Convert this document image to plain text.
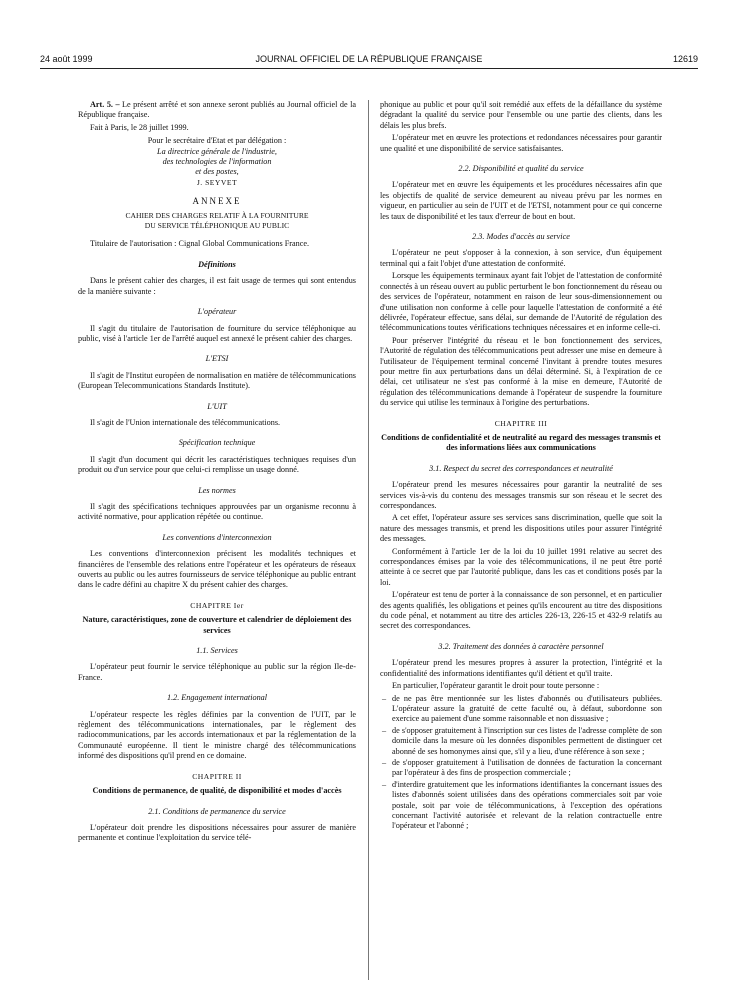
24 août 1999	JOURNAL OFFICIEL DE LA RÉPUBLIQUE FRANÇAISE	12619

Art. 5. – Le présent arrêté et son annexe seront publiés au Journal officiel de la République française.

Fait à Paris, le 28 juillet 1999.

Pour le secrétaire d'Etat et par délégation :

La directrice générale de l'industrie,

des technologies de l'information

et des postes,

J. SEYVET

ANNEXE
CAHIER DES CHARGES RELATIF À LA FOURNITURE
DU SERVICE TÉLÉPHONIQUE AU PUBLIC

Titulaire de l'autorisation : Cignal Global Communications France.

Définitions

Dans le présent cahier des charges, il est fait usage de termes qui sont entendus de la manière suivante :

L'opérateur

Il s'agit du titulaire de l'autorisation de fourniture du service téléphonique au public, visé à l'article 1er de l'arrêté auquel est annexé le présent cahier des charges.

L'ETSI

Il s'agit de l'Institut européen de normalisation en matière de télécommunications (European Telecommunications Standards Institute).

L'UIT

Il s'agit de l'Union internationale des télécommunications.

Spécification technique

Il s'agit d'un document qui décrit les caractéristiques techniques requises d'un produit ou d'un service pour que celui-ci remplisse un usage donné.

Les normes

Il s'agit des spécifications techniques approuvées par un organisme reconnu à activité normative, pour application répétée ou continue.

Les conventions d'interconnexion

Les conventions d'interconnexion précisent les modalités techniques et financières de l'ensemble des relations entre l'opérateur et les opérateurs de réseaux ouverts au public ou les autres fournisseurs de service téléphonique au public entrant dans le cadre défini au chapitre X du présent cahier des charges.

CHAPITRE Ier
Nature, caractéristiques, zone de couverture et calendrier de déploiement des services
1.1. Services

L'opérateur peut fournir le service téléphonique au public sur la région Ile-de-France.

1.2. Engagement international

L'opérateur respecte les règles définies par la convention de l'UIT, par le règlement des télécommunications internationales, par le règlement des radiocommunications, par les accords internationaux et par la réglementation de la Communauté européenne. Il tient le ministre chargé des télécommunications informé des dispositions qu'il prend en ce domaine.

CHAPITRE II
Conditions de permanence, de qualité, de disponibilité et modes d'accès
2.1. Conditions de permanence du service

L'opérateur doit prendre les dispositions nécessaires pour assurer de manière permanente et continue l'exploitation du service télé-

phonique au public et pour qu'il soit remédié aux effets de la défaillance du système dégradant la qualité du service pour l'ensemble ou une partie des clients, dans les délais les plus brefs.

L'opérateur met en œuvre les protections et redondances nécessaires pour garantir une qualité et une disponibilité de service satisfaisantes.

2.2. Disponibilité et qualité du service

L'opérateur met en œuvre les équipements et les procédures nécessaires afin que les objectifs de qualité de service demeurent au niveau prévu par les normes en vigueur, en particulier au sein de l'UIT et de l'ETSI, notamment pour ce qui concerne les taux de disponibilité et les taux d'erreur de bout en bout.

2.3. Modes d'accès au service

L'opérateur ne peut s'opposer à la connexion, à son service, d'un équipement terminal qui a fait l'objet d'une attestation de conformité.

Lorsque les équipements terminaux ayant fait l'objet de l'attestation de conformité connectés à un réseau ouvert au public perturbent le bon fonctionnement du réseau ou des services de l'opérateur, notamment en raison de leur sous-dimensionnement ou d'une utilisation non conforme à celle pour laquelle l'attestation de conformité a été délivrée, l'opérateur effectue, sans délai, sur demande de l'Autorité de régulation des télécommunications toutes vérifications techniques nécessaires et en informe celle-ci.

Pour préserver l'intégrité du réseau et le bon fonctionnement des services, l'Autorité de régulation des télécommunications peut adresser une mise en demeure à l'utilisateur de l'équipement terminal concerné l'invitant à prendre toutes mesures pour mettre fin aux perturbations dans un délai déterminé. Si, à l'expiration de ce délai, cet utilisateur ne s'est pas conformé à la mise en demeure, l'Autorité de régulation des télécommunications demande à l'opérateur de suspendre la fourniture du service qui utilise les terminaux à l'origine des perturbations.

CHAPITRE III
Conditions de confidentialité et de neutralité au regard des messages transmis et des informations liées aux communications
3.1. Respect du secret des correspondances et neutralité

L'opérateur prend les mesures nécessaires pour garantir la neutralité de ses services vis-à-vis du contenu des messages transmis sur son réseau et le secret des correspondances.

A cet effet, l'opérateur assure ses services sans discrimination, quelle que soit la nature des messages transmis, et prend les dispositions utiles pour assurer l'intégrité des messages.

Conformément à l'article 1er de la loi du 10 juillet 1991 relative au secret des correspondances émises par la voie des télécommunications, il ne peut être porté atteinte à ce secret que par l'autorité publique, dans les cas et conditions posés par la loi.

L'opérateur est tenu de porter à la connaissance de son personnel, et en particulier des agents qualifiés, les obligations et peines qu'ils encourent au titre des dispositions du code pénal, et notamment au titre des articles 226-13, 226-15 et 432-9 relatifs au secret des correspondances.

3.2. Traitement des données à caractère personnel

L'opérateur prend les mesures propres à assurer la protection, l'intégrité et la confidentialité des informations identifiantes qu'il détient et qu'il traite.

En particulier, l'opérateur garantit le droit pour toute personne :

– de ne pas être mentionnée sur les listes d'abonnés ou d'utilisateurs publiées. L'opérateur assure la gratuité de cette faculté ou, à défaut, subordonne son exercice au paiement d'une somme raisonnable et non dissuasive ;
– de s'opposer gratuitement à l'inscription sur ces listes de l'adresse complète de son domicile dans la mesure où les données disponibles permettent de distinguer cet abonné de ses homonymes ainsi que, s'il y a lieu, d'une référence à son sexe ;
– de s'opposer gratuitement à l'utilisation de données de facturation la concernant par l'opérateur à des fins de prospection commerciale ;
– d'interdire gratuitement que les informations identifiantes la concernant issues des listes d'abonnés soient utilisées dans des opérations commerciales soit par voie postale, soit par voie de télécommunications, à l'exception des opérations concernant l'activité autorisée et relevant de la relation contractuelle entre l'opérateur et l'abonné ;
